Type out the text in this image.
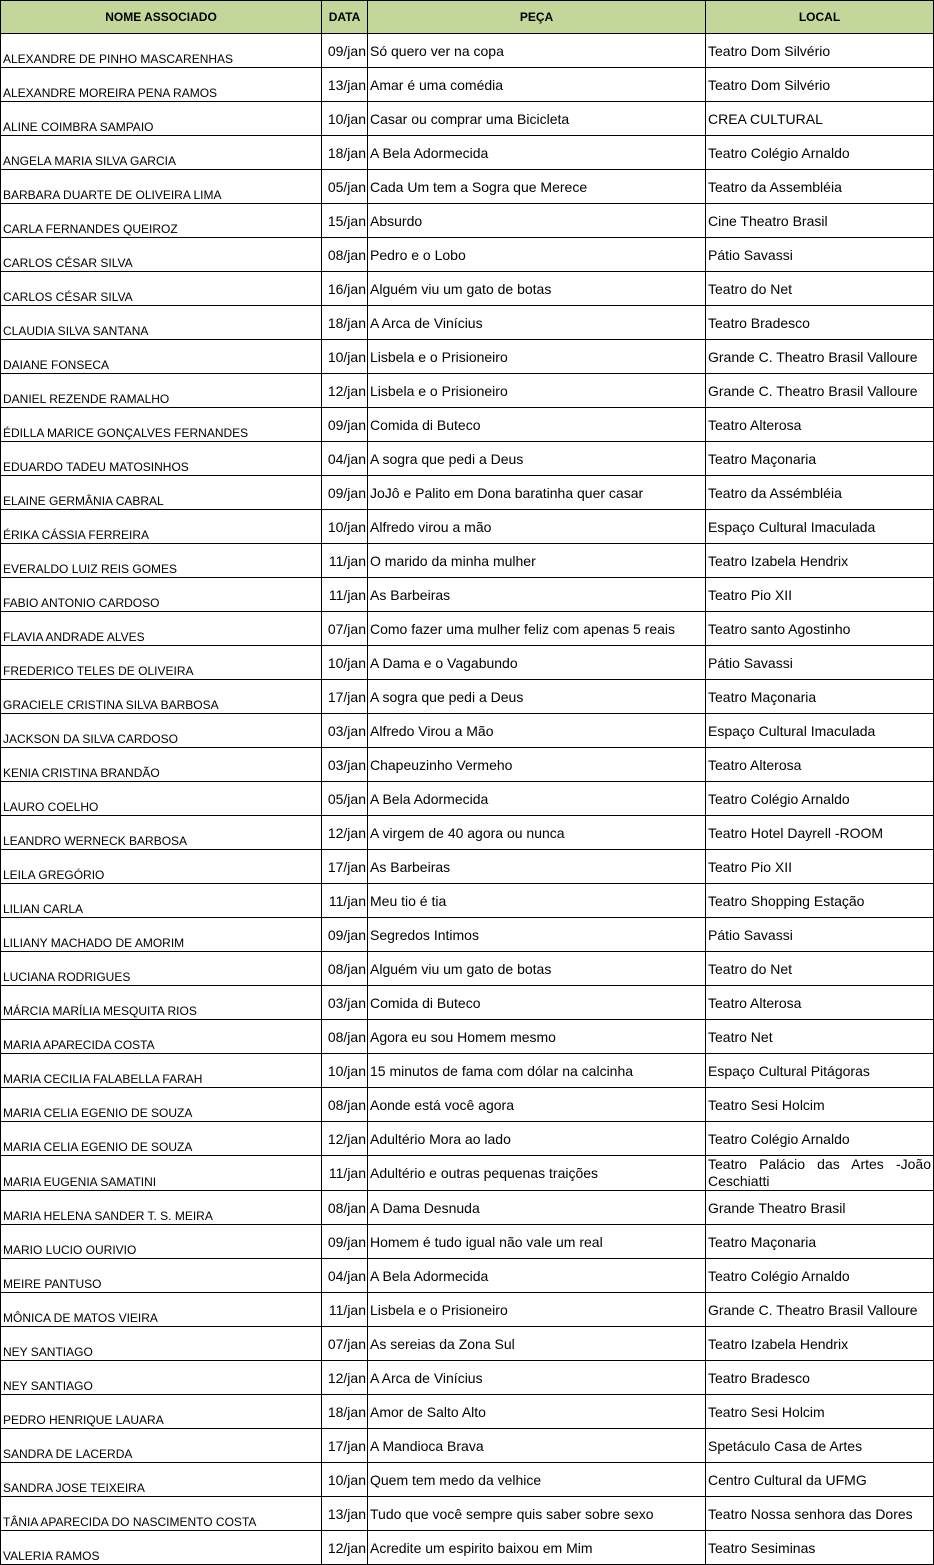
NOME ASSOCIADO	DATA	PEÇA	LOCAL
ALEXANDRE DE PINHO MASCARENHAS	09/jan	Só quero ver na copa	Teatro Dom Silvério
ALEXANDRE MOREIRA PENA RAMOS	13/jan	Amar é uma comédia	Teatro Dom Silvério
ALINE COIMBRA SAMPAIO	10/jan	Casar ou comprar uma Bicicleta	CREA CULTURAL
ANGELA MARIA SILVA GARCIA	18/jan	A Bela Adormecida	Teatro Colégio Arnaldo
BARBARA DUARTE DE OLIVEIRA LIMA	05/jan	Cada Um tem a Sogra que Merece	Teatro da Assembléia
CARLA FERNANDES QUEIROZ	15/jan	Absurdo	Cine Theatro Brasil
CARLOS CÉSAR SILVA	08/jan	Pedro e o Lobo	Pátio Savassi
CARLOS CÉSAR SILVA	16/jan	Alguém viu um gato de botas	Teatro do Net
CLAUDIA SILVA SANTANA	18/jan	A Arca de Vinícius	Teatro Bradesco
DAIANE FONSECA	10/jan	Lisbela e o Prisioneiro	Grande C. Theatro Brasil Valloure
DANIEL REZENDE RAMALHO	12/jan	Lisbela e o Prisioneiro	Grande C. Theatro Brasil Valloure
ÉDILLA MARICE GONÇALVES FERNANDES	09/jan	Comida di Buteco	Teatro Alterosa
EDUARDO TADEU MATOSINHOS	04/jan	A sogra que pedi a Deus	Teatro Maçonaria
ELAINE GERMÂNIA CABRAL	09/jan	JoJô e Palito em Dona baratinha quer casar	Teatro da Assémbléia
ÉRIKA CÁSSIA FERREIRA	10/jan	Alfredo virou a mão	Espaço Cultural Imaculada
EVERALDO LUIZ REIS GOMES	11/jan	O marido da minha mulher	Teatro Izabela Hendrix
FABIO ANTONIO CARDOSO	11/jan	As Barbeiras	Teatro Pio XII
FLAVIA ANDRADE ALVES	07/jan	Como fazer uma mulher feliz com apenas 5 reais	Teatro santo Agostinho
FREDERICO TELES DE OLIVEIRA	10/jan	A Dama e o Vagabundo	Pátio Savassi
GRACIELE CRISTINA SILVA BARBOSA	17/jan	A sogra que pedi a Deus	Teatro Maçonaria
JACKSON DA SILVA CARDOSO	03/jan	Alfredo Virou a Mão	Espaço Cultural Imaculada
KENIA CRISTINA BRANDÃO	03/jan	Chapeuzinho Vermeho	Teatro Alterosa
LAURO COELHO	05/jan	A Bela Adormecida	Teatro Colégio Arnaldo
LEANDRO WERNECK BARBOSA	12/jan	A virgem de 40 agora ou nunca	Teatro Hotel Dayrell -ROOM
LEILA GREGÓRIO	17/jan	As Barbeiras	Teatro Pio XII
LILIAN CARLA	11/jan	Meu tio é tia	Teatro Shopping Estação
LILIANY MACHADO DE AMORIM	09/jan	Segredos Intimos	Pátio Savassi
LUCIANA RODRIGUES	08/jan	Alguém viu um gato de botas	Teatro do Net
MÁRCIA MARÍLIA MESQUITA RIOS	03/jan	Comida di Buteco	Teatro Alterosa
MARIA APARECIDA COSTA	08/jan	Agora eu sou Homem mesmo	Teatro Net
MARIA CECILIA FALABELLA FARAH	10/jan	15 minutos de fama com dólar na calcinha	Espaço Cultural Pitágoras
MARIA CELIA EGENIO DE SOUZA	08/jan	Aonde está você agora	Teatro Sesi Holcim
MARIA CELIA EGENIO DE SOUZA	12/jan	Adultério Mora ao lado	Teatro Colégio Arnaldo
MARIA EUGENIA SAMATINI	11/jan	Adultério e outras pequenas traições	Teatro Palácio das Artes -João Ceschiatti
MARIA HELENA SANDER T. S. MEIRA	08/jan	A Dama Desnuda	Grande Theatro Brasil
MARIO LUCIO OURIVIO	09/jan	Homem é tudo igual não vale um real	Teatro Maçonaria
MEIRE PANTUSO	04/jan	A Bela Adormecida	Teatro Colégio Arnaldo
MÔNICA DE MATOS VIEIRA	11/jan	Lisbela e o Prisioneiro	Grande C. Theatro Brasil Valloure
NEY SANTIAGO	07/jan	As sereias da Zona Sul	Teatro Izabela Hendrix
NEY SANTIAGO	12/jan	A Arca de Vinícius	Teatro Bradesco
PEDRO HENRIQUE LAUARA	18/jan	Amor de Salto Alto	Teatro Sesi Holcim
SANDRA DE LACERDA	17/jan	A Mandioca Brava	Spetáculo Casa de Artes
SANDRA JOSE TEIXEIRA	10/jan	Quem tem medo da velhice	Centro Cultural da UFMG
TÂNIA APARECIDA DO NASCIMENTO COSTA	13/jan	Tudo que você sempre quis saber sobre sexo	Teatro Nossa senhora das Dores
VALERIA RAMOS	12/jan	Acredite um espirito baixou em Mim	Teatro Sesiminas
